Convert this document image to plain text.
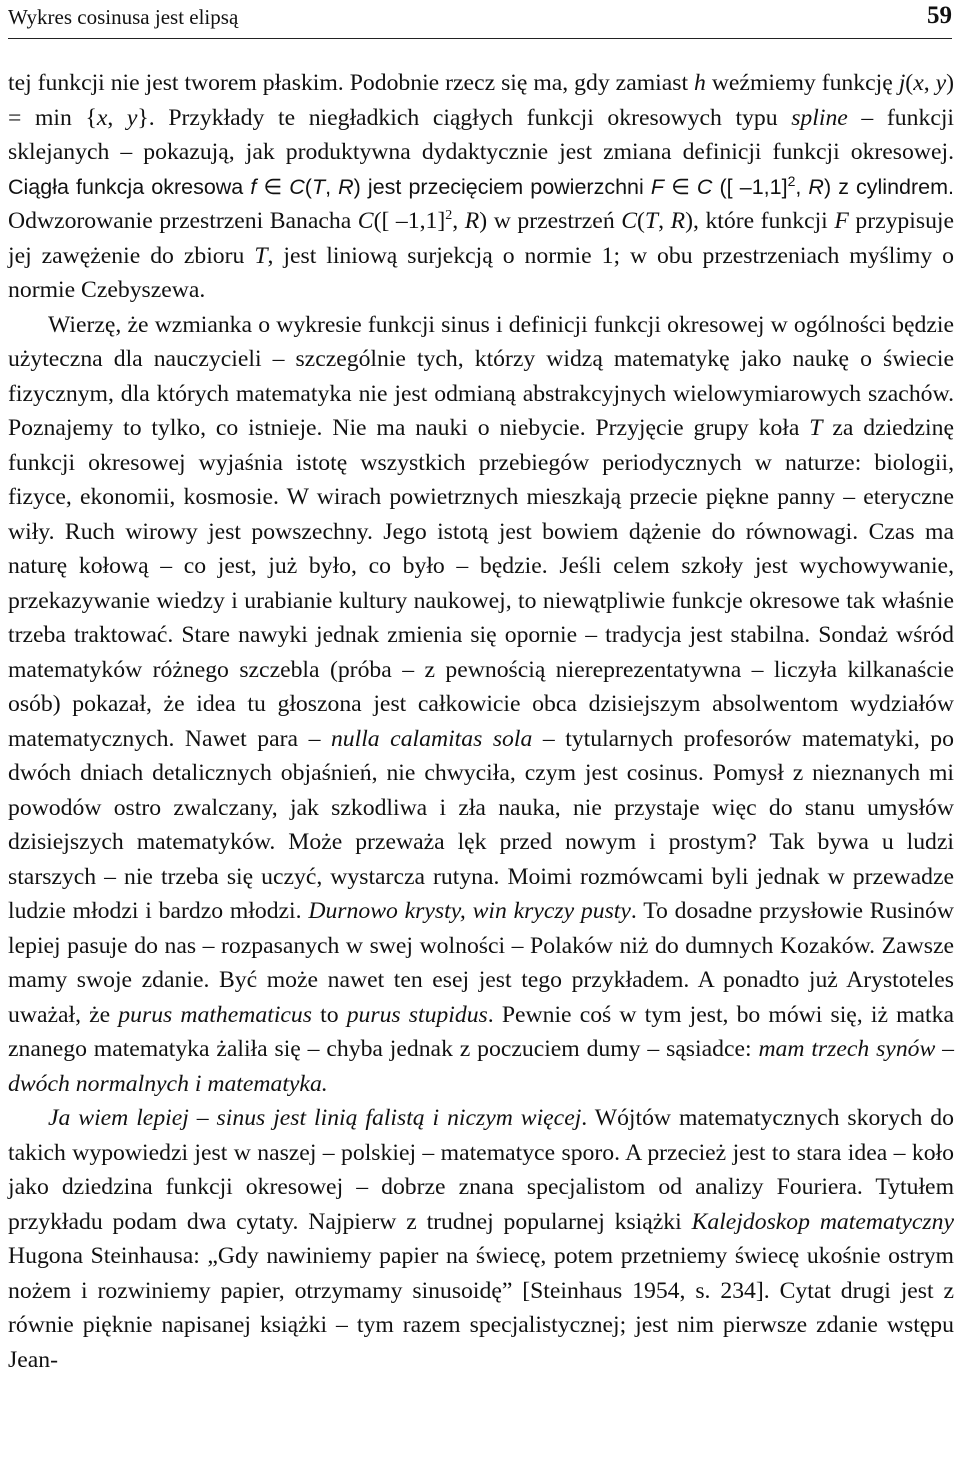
Wykres cosinusa jest elipsą	59

tej funkcji nie jest tworem płaskim. Podobnie rzecz się ma, gdy zamiast h weźmiemy funkcję j(x, y) = min {x, y}. Przykłady te niegładkich ciągłych funkcji okresowych typu spline – funkcji sklejanych – pokazują, jak produktywna dydaktycznie jest zmiana definicji funkcji okresowej. Ciągła funkcja okresowa f ∈ C(T, R) jest przecięciem powierzchni F ∈ C ([ –1,1]$^2$, R) z cylindrem. Odwzorowanie przestrzeni Banacha C([ –1,1]$^2$, R) w przestrzeń C(T, R), które funkcji F przypisuje jej zawężenie do zbioru T, jest liniową surjekcją o normie 1; w obu przestrzeniach myślimy o normie Czebyszewa.

Wierzę, że wzmianka o wykresie funkcji sinus i definicji funkcji okresowej w ogólności będzie użyteczna dla nauczycieli – szczególnie tych, którzy widzą matematykę jako naukę o świecie fizycznym, dla których matematyka nie jest odmianą abstrakcyjnych wielowymiarowych szachów. Poznajemy to tylko, co istnieje. Nie ma nauki o niebycie. Przyjęcie grupy koła T za dziedzinę funkcji okresowej wyjaśnia istotę wszystkich przebiegów periodycznych w naturze: biologii, fizyce, ekonomii, kosmosie. W wirach powietrznych mieszkają przecie piękne panny – eteryczne wiły. Ruch wirowy jest powszechny. Jego istotą jest bowiem dążenie do równowagi. Czas ma naturę kołową – co jest, już było, co było – będzie. Jeśli celem szkoły jest wychowywanie, przekazywanie wiedzy i urabianie kultury naukowej, to niewątpliwie funkcje okresowe tak właśnie trzeba traktować. Stare nawyki jednak zmienia się opornie – tradycja jest stabilna. Sondaż wśród matematyków różnego szczebla (próba – z pewnością niereprezentatywna – liczyła kilkanaście osób) pokazał, że idea tu głoszona jest całkowicie obca dzisiejszym absolwentom wydziałów matematycznych. Nawet para – nulla calamitas sola – tytularnych profesorów matematyki, po dwóch dniach detalicznych objaśnień, nie chwyciła, czym jest cosinus. Pomysł z nieznanych mi powodów ostro zwalczany, jak szkodliwa i zła nauka, nie przystaje więc do stanu umysłów dzisiejszych matematyków. Może przeważa lęk przed nowym i prostym? Tak bywa u ludzi starszych – nie trzeba się uczyć, wystarcza rutyna. Moimi rozmówcami byli jednak w przewadze ludzie młodzi i bardzo młodzi. Durnowo krysty, win kryczy pusty. To dosadne przysłowie Rusinów lepiej pasuje do nas – rozpasanych w swej wolności – Polaków niż do dumnych Kozaków. Zawsze mamy swoje zdanie. Być może nawet ten esej jest tego przykładem. A ponadto już Arystoteles uważał, że purus mathematicus to purus stupidus. Pewnie coś w tym jest, bo mówi się, iż matka znanego matematyka żaliła się – chyba jednak z poczuciem dumy – sąsiadce: mam trzech synów – dwóch normalnych i matematyka.

Ja wiem lepiej – sinus jest linią falistą i niczym więcej. Wójtów matematycznych skorych do takich wypowiedzi jest w naszej – polskiej – matematyce sporo. A przecież jest to stara idea – koło jako dziedzina funkcji okresowej – dobrze znana specjalistom od analizy Fouriera. Tytułem przykładu podam dwa cytaty. Najpierw z trudnej popularnej książki Kalejdoskop matematyczny Hugona Steinhausa: „Gdy nawiniemy papier na świecę, potem przetniemy świecę ukośnie ostrym nożem i rozwiniemy papier, otrzymamy sinusoidę” [Steinhaus 1954, s. 234]. Cytat drugi jest z równie pięknie napisanej książki – tym razem specjalistycznej; jest nim pierwsze zdanie wstępu Jean-
